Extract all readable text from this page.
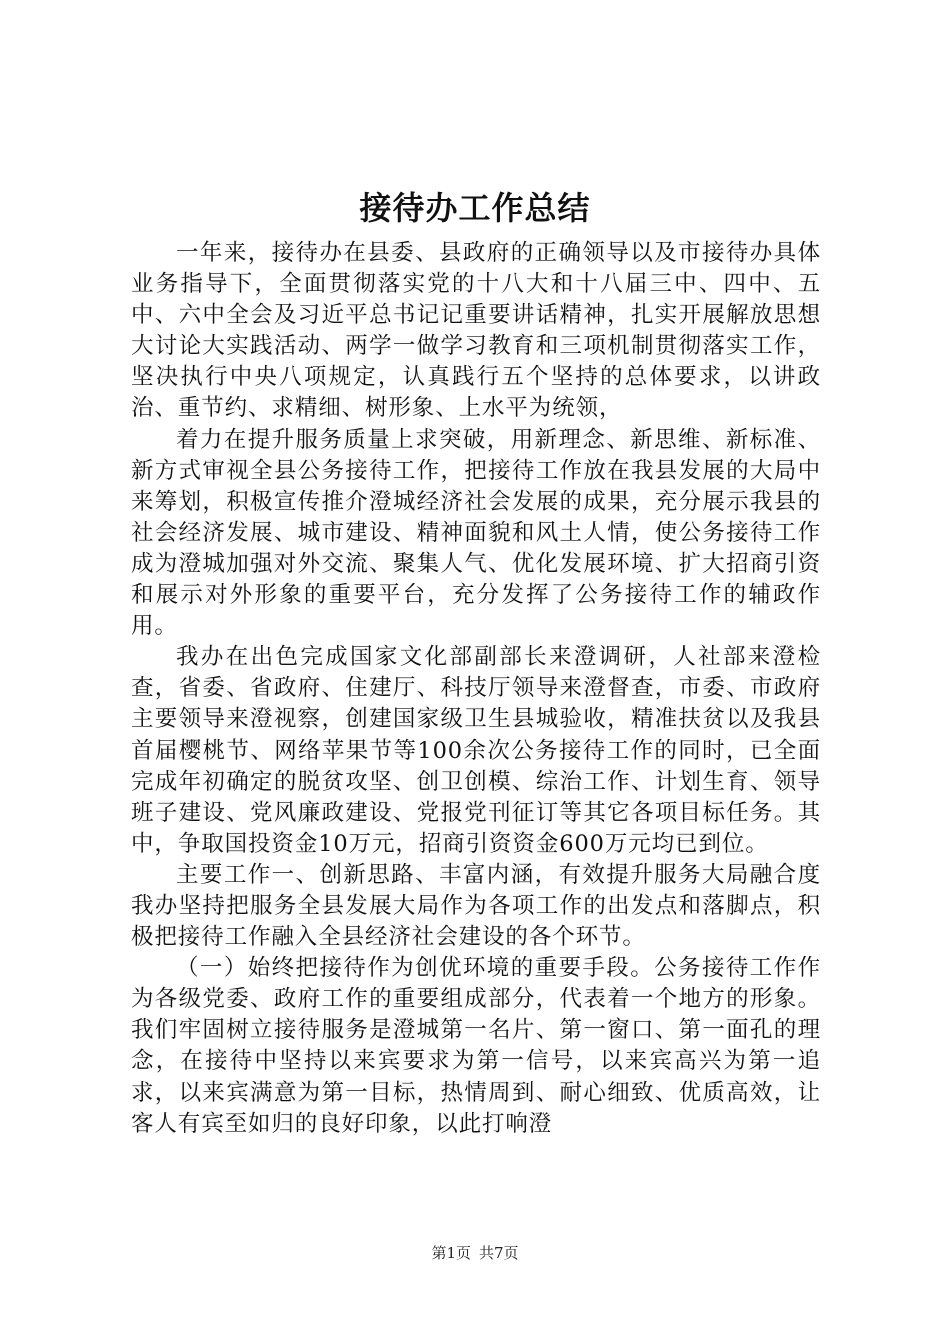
接待办工作总结

一年来，接待办在县委、县政府的正确领导以及市接待办具体业务指导下，全面贯彻落实党的十八大和十八届三中、四中、五中、六中全会及习近平总书记记重要讲话精神，扎实开展解放思想大讨论大实践活动、两学一做学习教育和三项机制贯彻落实工作，坚决执行中央八项规定，认真践行五个坚持的总体要求，以讲政治、重节约、求精细、树形象、上水平为统领，

着力在提升服务质量上求突破，用新理念、新思维、新标准、新方式审视全县公务接待工作，把接待工作放在我县发展的大局中来筹划，积极宣传推介澄城经济社会发展的成果，充分展示我县的社会经济发展、城市建设、精神面貌和风土人情，使公务接待工作成为澄城加强对外交流、聚集人气、优化发展环境、扩大招商引资和展示对外形象的重要平台，充分发挥了公务接待工作的辅政作用。

我办在出色完成国家文化部副部长来澄调研，人社部来澄检查，省委、省政府、住建厅、科技厅领导来澄督查，市委、市政府主要领导来澄视察，创建国家级卫生县城验收，精准扶贫以及我县首届樱桃节、网络苹果节等100余次公务接待工作的同时，已全面完成年初确定的脱贫攻坚、创卫创模、综治工作、计划生育、领导班子建设、党风廉政建设、党报党刊征订等其它各项目标任务。其中，争取国投资金10万元，招商引资资金600万元均已到位。

主要工作一、创新思路、丰富内涵，有效提升服务大局融合度我办坚持把服务全县发展大局作为各项工作的出发点和落脚点，积极把接待工作融入全县经济社会建设的各个环节。

（一）始终把接待作为创优环境的重要手段。公务接待工作作为各级党委、政府工作的重要组成部分，代表着一个地方的形象。我们牢固树立接待服务是澄城第一名片、第一窗口、第一面孔的理念，在接待中坚持以来宾要求为第一信号，以来宾高兴为第一追求，以来宾满意为第一目标，热情周到、耐心细致、优质高效，让客人有宾至如归的良好印象，以此打响澄

第1页 共7页
